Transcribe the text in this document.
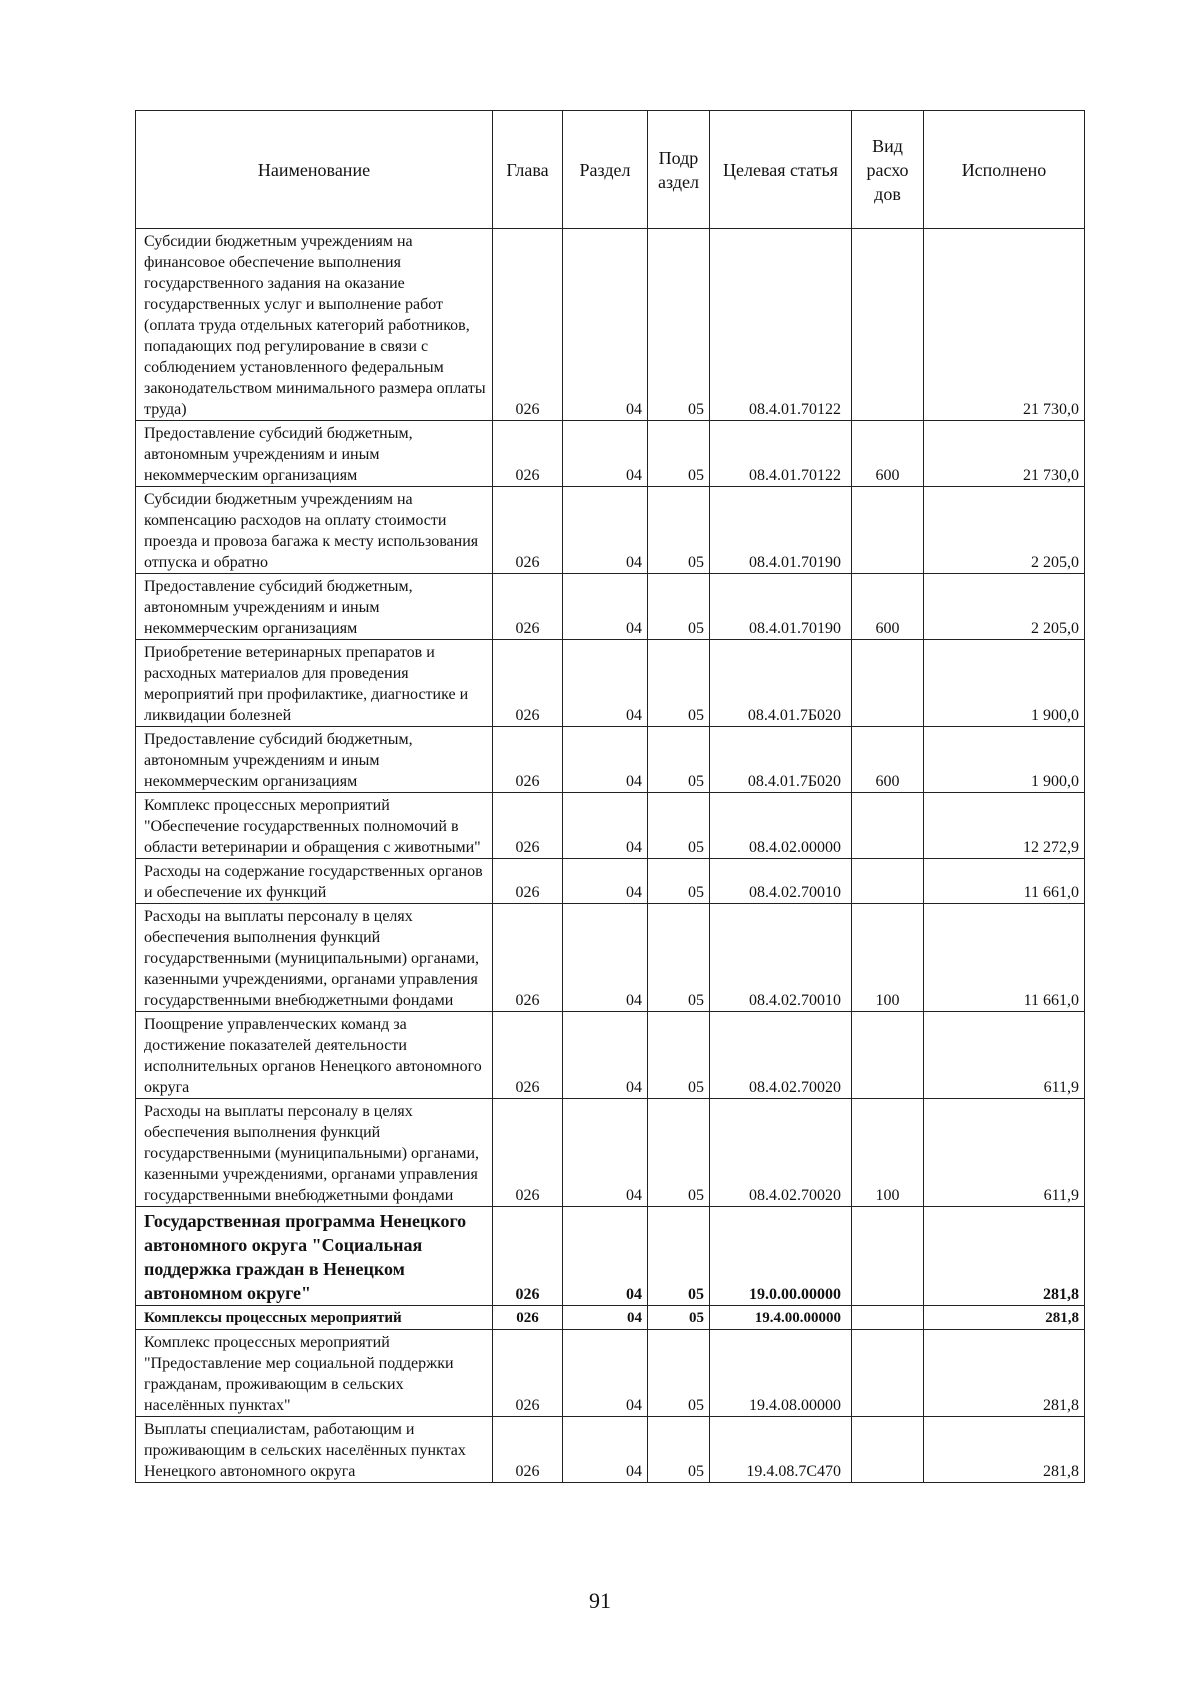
Наименование	Глава	Раздел	Подр аздел	Целевая статья	Вид расхо дов	Исполнено
Субсидии бюджетным учреждениям на финансовое обеспечение выполнения государственного задания на оказание государственных услуг и выполнение работ (оплата труда отдельных категорий работников, попадающих под регулирование в связи с соблюдением установленного федеральным законодательством минимального размера оплаты труда)	026	04	05	08.4.01.70122		21 730,0
Предоставление субсидий бюджетным, автономным учреждениям и иным некоммерческим организациям	026	04	05	08.4.01.70122	600	21 730,0
Субсидии бюджетным учреждениям на компенсацию расходов на оплату стоимости проезда и провоза багажа к месту использования отпуска и обратно	026	04	05	08.4.01.70190		2 205,0
Предоставление субсидий бюджетным, автономным учреждениям и иным некоммерческим организациям	026	04	05	08.4.01.70190	600	2 205,0
Приобретение ветеринарных препаратов и расходных материалов для проведения мероприятий при профилактике, диагностике и ликвидации болезней	026	04	05	08.4.01.7Б020		1 900,0
Предоставление субсидий бюджетным, автономным учреждениям и иным некоммерческим организациям	026	04	05	08.4.01.7Б020	600	1 900,0
Комплекс процессных мероприятий "Обеспечение государственных полномочий в области ветеринарии и обращения с животными"	026	04	05	08.4.02.00000		12 272,9
Расходы на содержание государственных органов и обеспечение их функций	026	04	05	08.4.02.70010		11 661,0
Расходы на выплаты персоналу в целях обеспечения выполнения функций государственными (муниципальными) органами, казенными учреждениями, органами управления государственными внебюджетными фондами	026	04	05	08.4.02.70010	100	11 661,0
Поощрение управленческих команд за достижение показателей деятельности исполнительных органов Ненецкого автономного округа	026	04	05	08.4.02.70020		611,9
Расходы на выплаты персоналу в целях обеспечения выполнения функций государственными (муниципальными) органами, казенными учреждениями, органами управления государственными внебюджетными фондами	026	04	05	08.4.02.70020	100	611,9
Государственная программа Ненецкого автономного округа "Социальная поддержка граждан в Ненецком автономном округе"	026	04	05	19.0.00.00000		281,8
Комплексы процессных мероприятий	026	04	05	19.4.00.00000		281,8
Комплекс процессных мероприятий "Предоставление мер социальной поддержки гражданам, проживающим в сельских населённых пунктах"	026	04	05	19.4.08.00000		281,8
Выплаты специалистам, работающим и проживающим в сельских населённых пунктах Ненецкого автономного округа	026	04	05	19.4.08.7С470		281,8
91
